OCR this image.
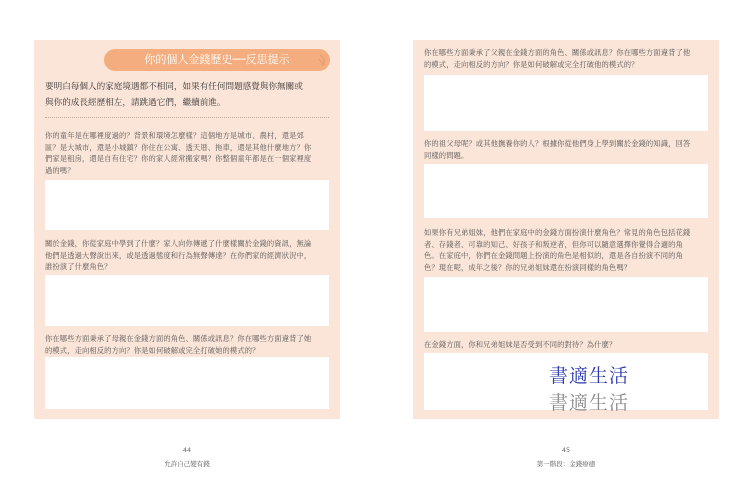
你的個人金錢歷史──反思提示
要明白每個人的家庭境遇都不相同，如果有任何問題感覺與你無關或
與你的成長經歷相左，請跳過它們，繼續前進。
你的童年是在哪裡度過的？背景和環境怎麼樣？這個地方是城市、農村，還是郊
區？是大城市，還是小城鎮？你住在公寓、透天厝、拖車，還是其他什麼地方？你
們家是租房，還是自有住宅？你的家人經常搬家嗎？你整個童年都是在一個家裡度
過的嗎？
關於金錢，你從家庭中學到了什麼？家人向你傳遞了什麼樣關於金錢的資訊，無論
他們是透過大聲說出來，或是透過態度和行為無聲傳達？在你們家的經濟狀況中，
誰扮演了什麼角色？
你在哪些方面秉承了母親在金錢方面的角色、關係或訊息？你在哪些方面違背了她
的模式，走向相反的方向？你是如何破解或完全打破她的模式的？
你在哪些方面秉承了父親在金錢方面的角色、關係或訊息？你在哪些方面違背了他
的模式，走向相反的方向？你是如何破解或完全打破他的模式的？
你的祖父母呢？或其他撫養你的人？根據你從他們身上學到關於金錢的知識，回答
同樣的問題。
如果你有兄弟姐妹，他們在家庭中的金錢方面扮演什麼角色？常見的角色包括花錢
者、存錢者、可靠的知己、好孩子和叛逆者，但你可以隨意選擇你覺得合適的角
色。在家庭中，你們在金錢問題上扮演的角色是相似的，還是各自扮演不同的角
色？現在呢，成年之後？你的兄弟姐妹還在扮演同樣的角色嗎？
在金錢方面，你和兄弟姐妹是否受到不同的對待？為什麼？
44
允許自己變有錢
45
第一階段：金錢療癒
書適生活
書適生活
